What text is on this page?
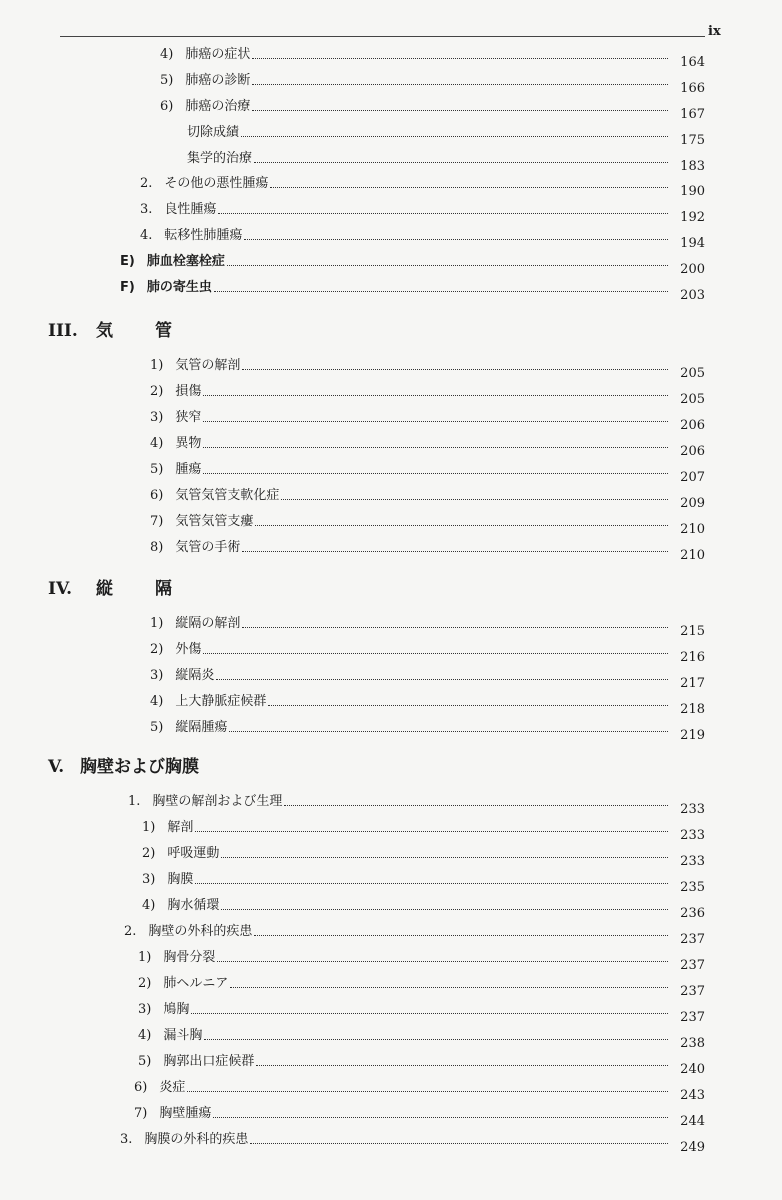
ix
4) 肺癌の症状
164
5) 肺癌の診断
166
6) 肺癌の治療
167
切除成績
175
集学的治療
183
2. その他の悪性腫瘍
190
3. 良性腫瘍
192
4. 転移性肺腫瘍
194
E) 肺血栓塞栓症
200
F) 肺の寄生虫
203
III. 気 管
1) 気管の解剖
205
2) 損傷
205
3) 狭窄
206
4) 異物
206
5) 腫瘍
207
6) 気管気管支軟化症
209
7) 気管気管支瘻
210
8) 気管の手術
210
IV. 縦 隔
1) 縦隔の解剖
215
2) 外傷
216
3) 縦隔炎
217
4) 上大静脈症候群
218
5) 縦隔腫瘍
219
V. 胸壁および胸膜
1. 胸壁の解剖および生理
233
1) 解剖
233
2) 呼吸運動
233
3) 胸膜
235
4) 胸水循環
236
2. 胸壁の外科的疾患
237
1) 胸骨分裂
237
2) 肺ヘルニア
237
3) 鳩胸
237
4) 漏斗胸
238
5) 胸郭出口症候群
240
6) 炎症
243
7) 胸壁腫瘍
244
3. 胸膜の外科的疾患
249
